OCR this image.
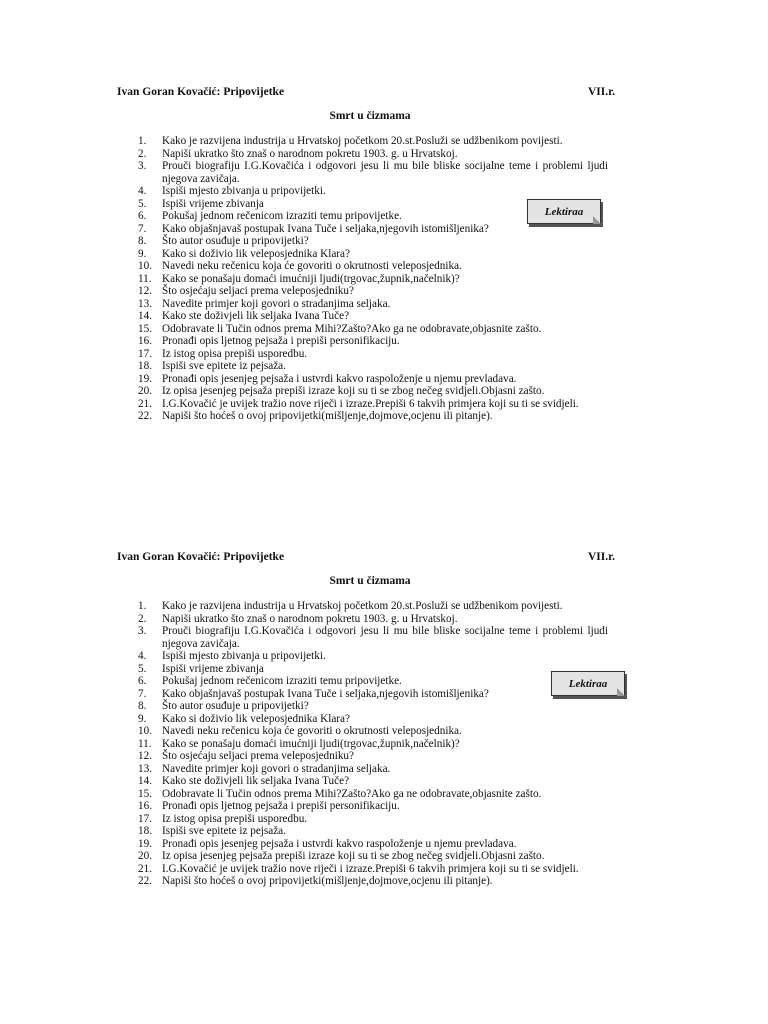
Ivan Goran Kovačić: Pripovijetke	VII.r.
Smrt u čizmama
1.	Kako je razvijena industrija u Hrvatskoj početkom 20.st.Posluži se udžbenikom povijesti.
2.	Napiši ukratko što znaš o narodnom pokretu 1903. g. u Hrvatskoj.
3.	Prouči biografiju I.G.Kovačića i odgovori jesu li mu bile bliske socijalne teme i problemi ljudi njegova zavičaja.
4.	Ispiši mjesto zbivanja u pripovijetki.
5.	Ispiši vrijeme zbivanja
6.	Pokušaj jednom rečenicom izraziti temu pripovijetke.
7.	Kako objašnjavaš postupak Ivana Tuče i seljaka,njegovih istomišljenika?
8.	Što autor osuđuje u pripovijetki?
9.	Kako si doživio lik veleposjednika Klara?
10. Navedi neku rečenicu koja će govoriti o okrutnosti veleposjednika.
11. Kako se ponašaju domaći imućniji ljudi(trgovac,župnik,načelnik)?
12. Što osjećaju seljaci prema veleposjedniku?
13. Navedite primjer koji govori o stradanjima seljaka.
14. Kako ste doživjeli lik seljaka Ivana Tuče?
15. Odobravate li Tučin odnos prema Mihi?Zašto?Ako ga ne odobravate,objasnite zašto.
16. Pronađi opis ljetnog pejsaža i prepiši personifikaciju.
17. Iz istog opisa prepiši usporedbu.
18. Ispiši sve epitete iz pejsaža.
19. Pronađi opis jesenjeg pejsaža i ustvrdi kakvo raspoloženje u njemu prevladava.
20. Iz opisa jesenjeg pejsaža prepiši izraze koji su ti se zbog nečeg svidjeli.Objasni zašto.
21. I.G.Kovačić je uvijek tražio nove riječi i izraze.Prepiši 6 takvih primjera koji su ti se svidjeli.
22. Napiši što hoćeš o ovoj pripovijetki(mišljenje,dojmove,ocjenu ili pitanje).
Lektiraa
Ivan Goran Kovačić: Pripovijetke	VII.r.
Smrt u čizmama
1.	Kako je razvijena industrija u Hrvatskoj početkom 20.st.Posluži se udžbenikom povijesti.
2.	Napiši ukratko što znaš o narodnom pokretu 1903. g. u Hrvatskoj.
3.	Prouči biografiju I.G.Kovačića i odgovori jesu li mu bile bliske socijalne teme i problemi ljudi njegova zavičaja.
4.	Ispiši mjesto zbivanja u pripovijetki.
5.	Ispiši vrijeme zbivanja
6.	Pokušaj jednom rečenicom izraziti temu pripovijetke.
7.	Kako objašnjavaš postupak Ivana Tuče i seljaka,njegovih istomišljenika?
8.	Što autor osuđuje u pripovijetki?
9.	Kako si doživio lik veleposjednika Klara?
10. Navedi neku rečenicu koja će govoriti o okrutnosti veleposjednika.
11. Kako se ponašaju domaći imućniji ljudi(trgovac,župnik,načelnik)?
12. Što osjećaju seljaci prema veleposjedniku?
13. Navedite primjer koji govori o stradanjima seljaka.
14. Kako ste doživjeli lik seljaka Ivana Tuče?
15. Odobravate li Tučin odnos prema Mihi?Zašto?Ako ga ne odobravate,objasnite zašto.
16. Pronađi opis ljetnog pejsaža i prepiši personifikaciju.
17. Iz istog opisa prepiši usporedbu.
18. Ispiši sve epitete iz pejsaža.
19. Pronađi opis jesenjeg pejsaža i ustvrdi kakvo raspoloženje u njemu prevladava.
20. Iz opisa jesenjeg pejsaža prepiši izraze koji su ti se zbog nečeg svidjeli.Objasni zašto.
21. I.G.Kovačić je uvijek tražio nove riječi i izraze.Prepiši 6 takvih primjera koji su ti se svidjeli.
22. Napiši što hoćeš o ovoj pripovijetki(mišljenje,dojmove,ocjenu ili pitanje).
Lektiraa
